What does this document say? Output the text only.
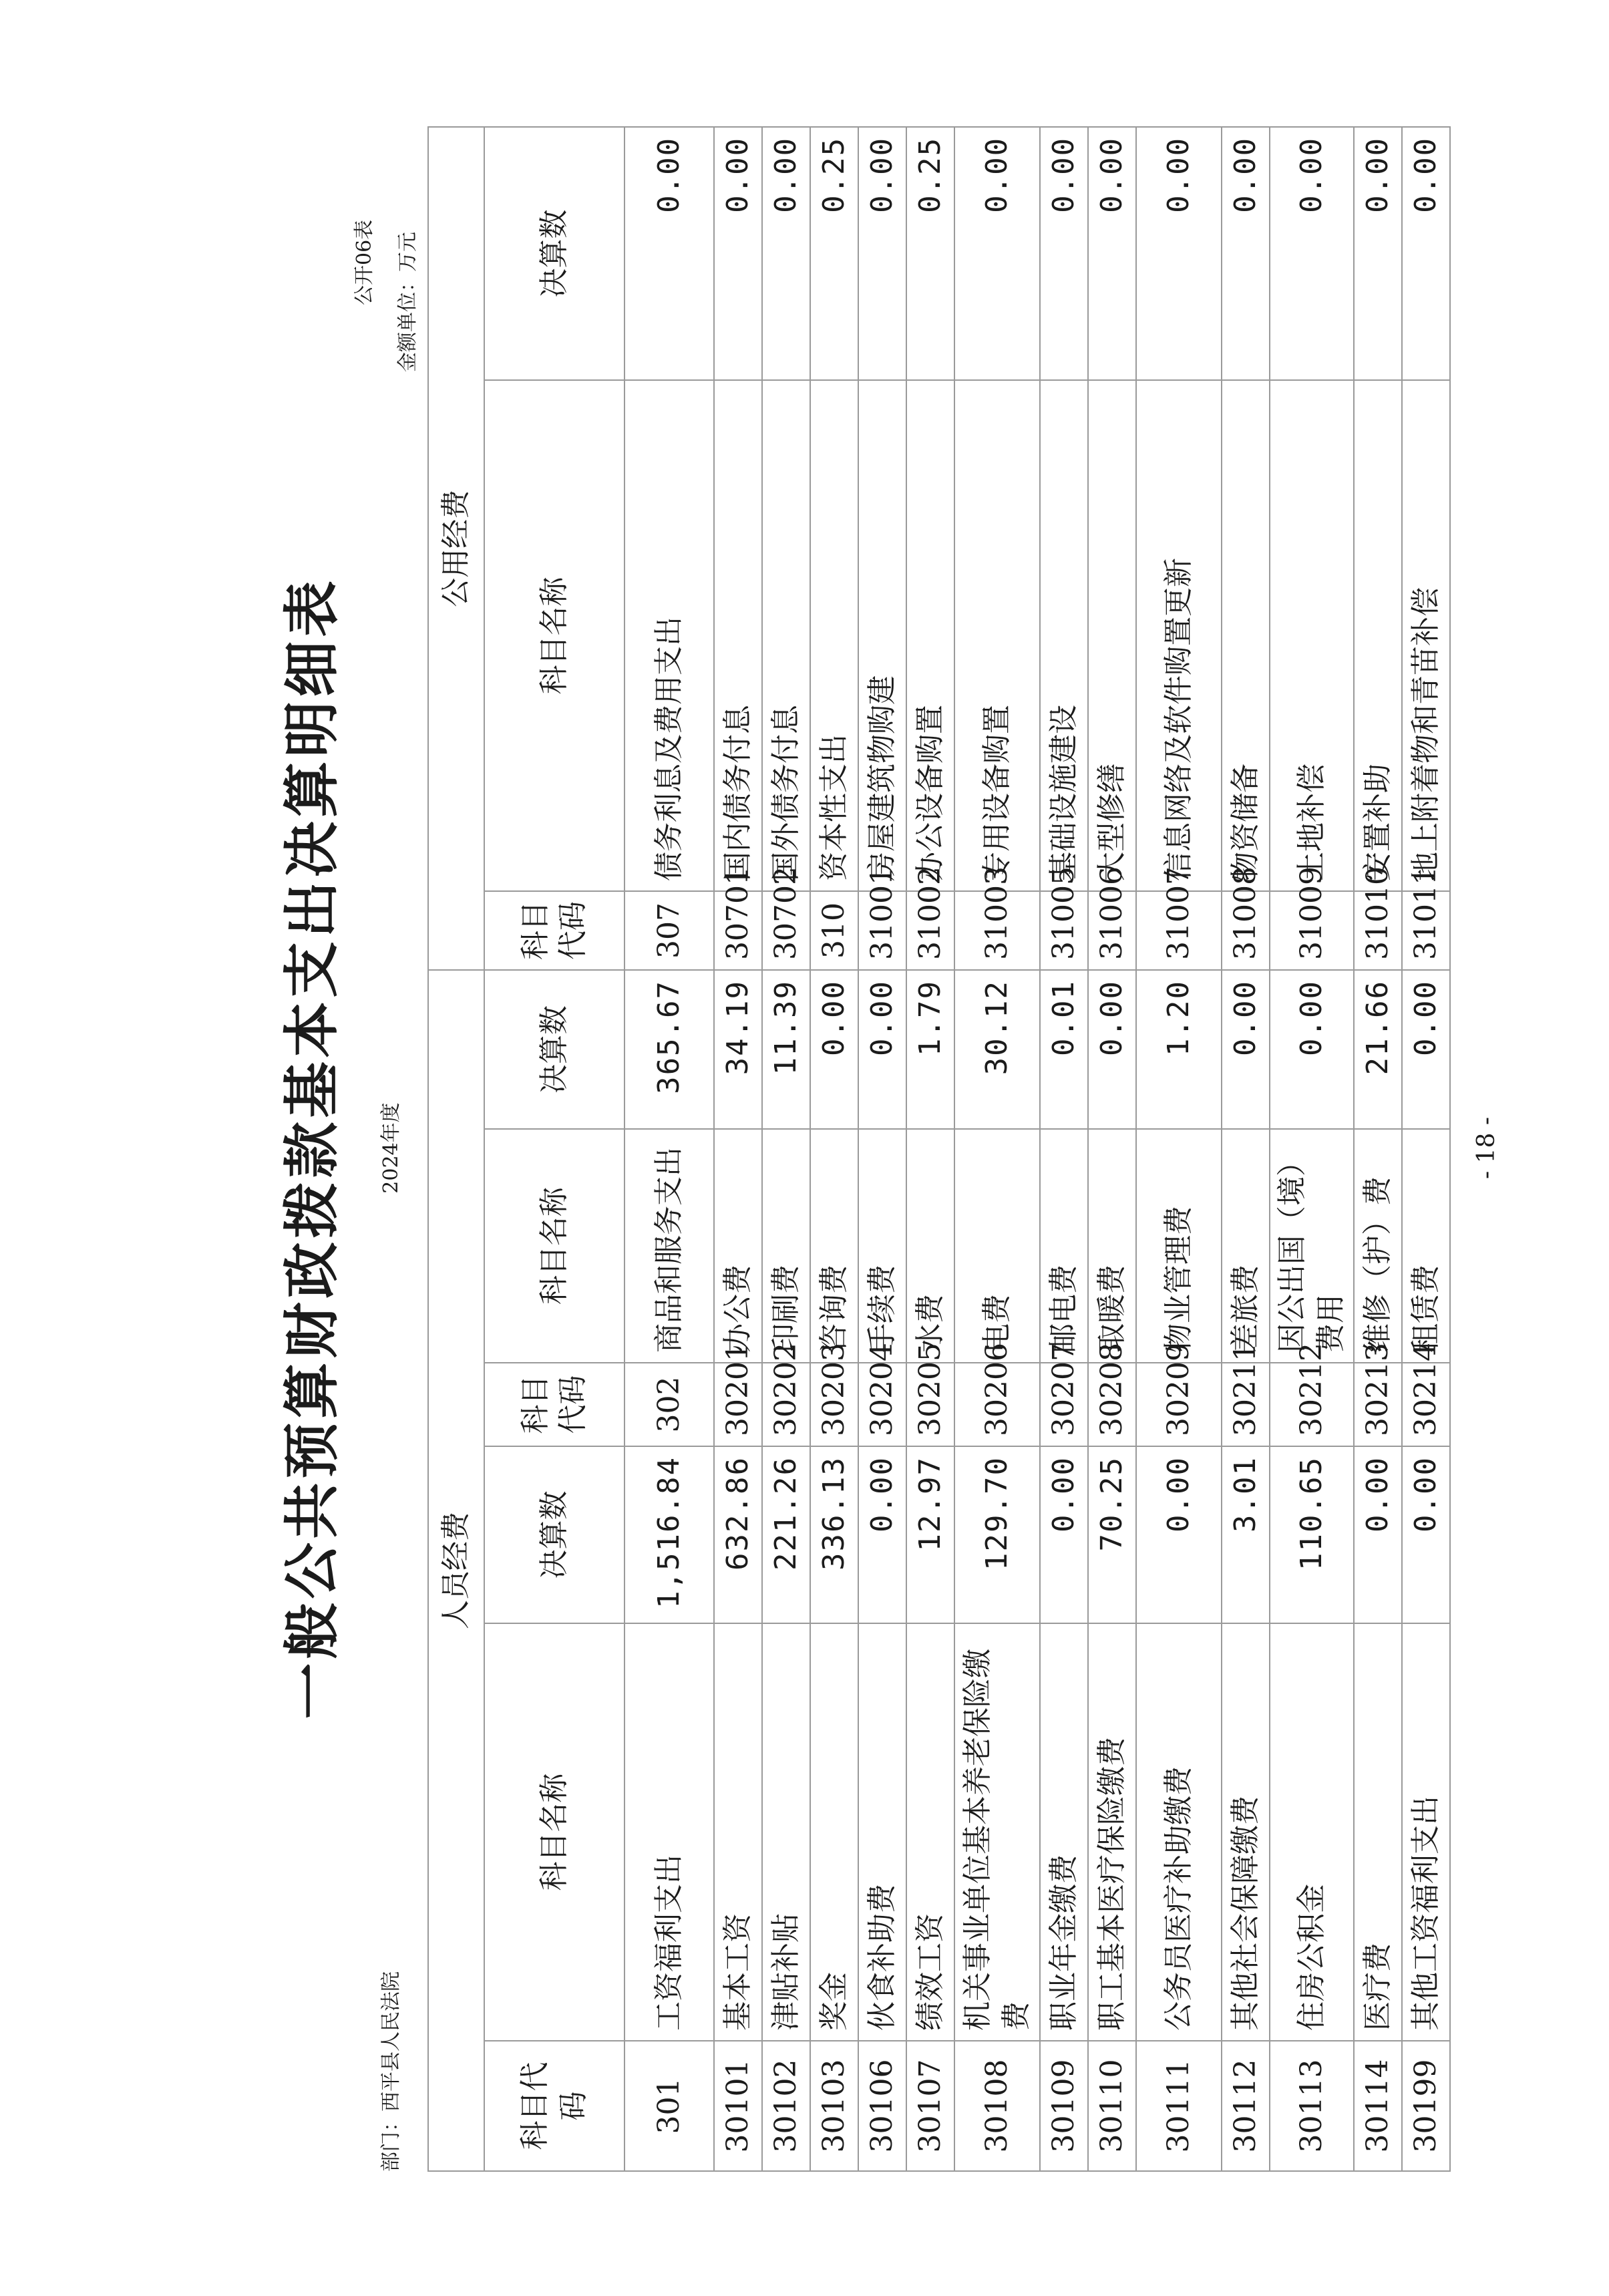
一般公共预算财政拨款基本支出决算明细表 2024年度
部门：西平县人民法院
公开06表 金额单位：万元
人员经费						公用经费		
科目代码	科目名称	决算数	科目 代码	科目名称	决算数	科目 代码	科目名称	决算数
301	工资福利支出	1,516.84	302	商品和服务支出	365.67	307	债务利息及费用支出	0.00
30101	基本工资	632.86	30201	办公费	34.19	30701	国内债务付息	0.00
30102	津贴补贴	221.26	30202	印刷费	11.39	30702	国外债务付息	0.00
30103	奖金	336.13	30203	咨询费	0.00	310	资本性支出	0.25
30106	伙食补助费	0.00	30204	手续费	0.00	31001	房屋建筑物购建	0.00
30107	绩效工资	12.97	30205	水费	1.79	31002	办公设备购置	0.25
30108	机关事业单位基本养老保险缴费	129.70	30206	电费	30.12	31003	专用设备购置	0.00
30109	职业年金缴费	0.00	30207	邮电费	0.01	31005	基础设施建设	0.00
30110	职工基本医疗保险缴费	70.25	30208	取暖费	0.00	31006	大型修缮	0.00
30111	公务员医疗补助缴费	0.00	30209	物业管理费	1.20	31007	信息网络及软件购置更新	0.00
30112	其他社会保障缴费	3.01	30211	差旅费	0.00	31008	物资储备	0.00
30113	住房公积金	110.65	30212	因公出国（境）费用	0.00	31009	土地补偿	0.00
30114	医疗费	0.00	30213	维修（护）费	21.66	31010	安置补助	0.00
30199	其他工资福利支出	0.00	30214	租赁费	0.00	31011	地上附着物和青苗补偿	0.00
- 18 -
